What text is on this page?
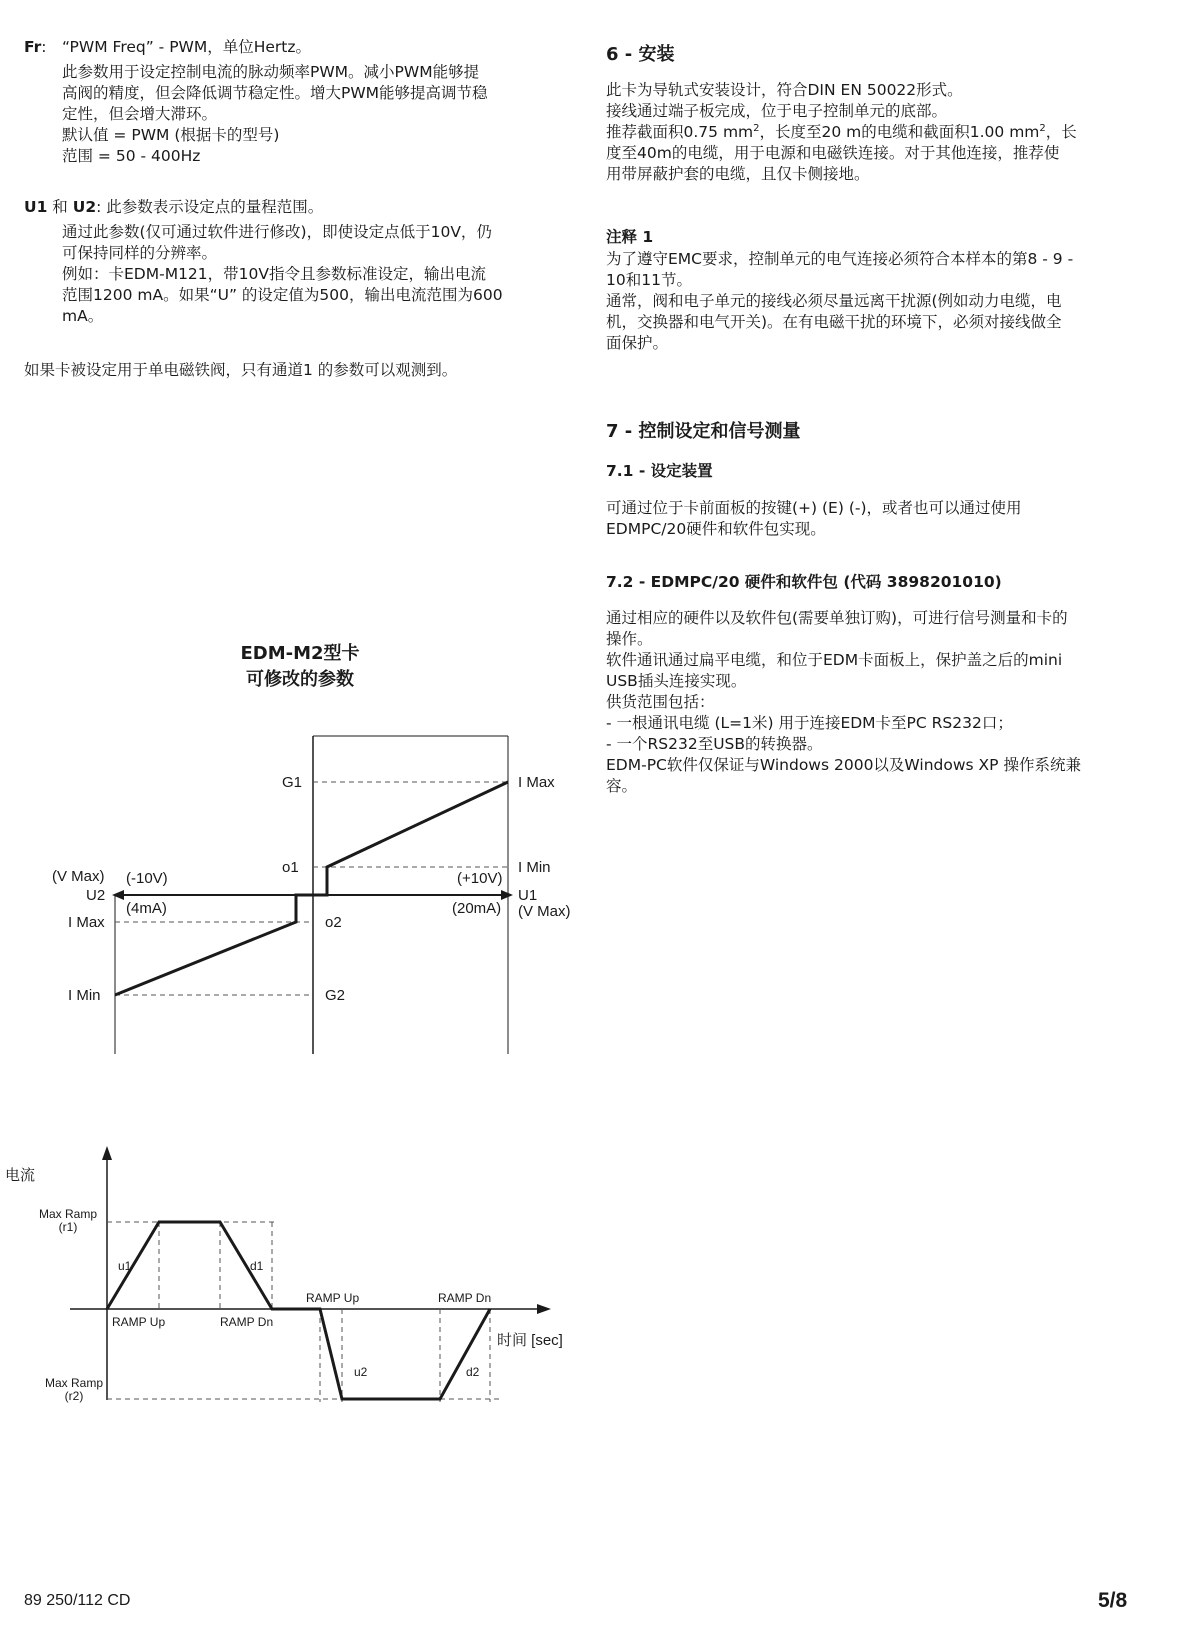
Fr: “PWM Freq” - PWM，单位Hertz。
此参数用于设定控制电流的脉动频率PWM。减小PWM能够提
高阀的精度，但会降低调节稳定性。增大PWM能够提高调节稳
定性，但会增大滞环。
默认值 = PWM (根据卡的型号)
范围 = 50 - 400Hz
U1 和 U2: 此参数表示设定点的量程范围。
通过此参数(仅可通过软件进行修改)，即使设定点低于10V，仍
可保持同样的分辨率。
例如：卡EDM-M121，带10V指令且参数标准设定，输出电流
范围1200 mA。如果“U” 的设定值为500，输出电流范围为600
mA。
如果卡被设定用于单电磁铁阀，只有通道1 的参数可以观测到。
6 - 安装
此卡为导轨式安装设计，符合DIN EN 50022形式。
接线通过端子板完成，位于电子控制单元的底部。
推荐截面积0.75 $mm^2$，长度至20 m的电缆和截面积1.00 $mm^2$，长
度至40m的电缆，用于电源和电磁铁连接。对于其他连接，推荐使
用带屏蔽护套的电缆，且仅卡侧接地。
注释 1
为了遵守EMC要求，控制单元的电气连接必须符合本样本的第8 - 9 -
10和11节。
通常，阀和电子单元的接线必须尽量远离干扰源(例如动力电缆，电
机，交换器和电气开关)。在有电磁干扰的环境下，必须对接线做全
面保护。
7 - 控制设定和信号测量
7.1 - 设定装置
可通过位于卡前面板的按键(+) (E) (-)，或者也可以通过使用
EDMPC/20硬件和软件包实现。
7.2 - EDMPC/20 硬件和软件包 (代码 3898201010)
通过相应的硬件以及软件包(需要单独订购)，可进行信号测量和卡的
操作。
软件通讯通过扁平电缆，和位于EDM卡面板上，保护盖之后的mini
USB插头连接实现。
供货范围包括：
- 一根通讯电缆 (L=1米) 用于连接EDM卡至PC RS232口；
- 一个RS232至USB的转换器。
EDM-PC软件仅保证与Windows 2000以及Windows XP 操作系统兼
容。
EDM-M2型卡
可修改的参数
G1	I Max
o1	I Min
(V Max) (-10V)	(+10V)
U2	U1
(4mA)	(20mA) (V Max)
I Max	o2
I Min	G2
电流
Max Ramp
(r1)
u1	d1
RAMP Up	RAMP Dn
RAMP Up	RAMP Dn
时间 [sec]
u2	d2
Max Ramp
(r2)
89 250/112 CD	5/8
